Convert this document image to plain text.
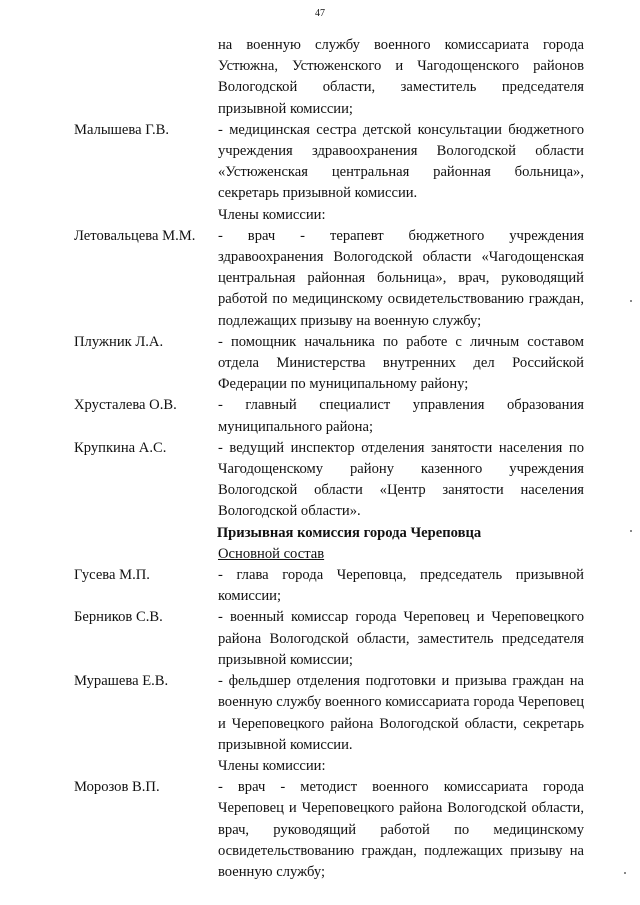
47
на военную службу военного комиссариата города Устюжна, Устюженского и Чагодощенского районов Вологодской области, заместитель председателя призывной комиссии;
Малышева Г.В.	- медицинская сестра детской консультации бюджетного учреждения здравоохранения Вологодской области «Устюженская центральная районная больница», секретарь призывной комиссии.
Члены комиссии:
Летовальцева М.М.	- врач - терапевт бюджетного учреждения здравоохранения Вологодской области «Чагодощенская центральная районная больница», врач, руководящий работой по медицинскому освидетельствованию граждан, подлежащих призыву на военную службу;
Плужник Л.А.	- помощник начальника по работе с личным составом отдела Министерства внутренних дел Российской Федерации по муниципальному району;
Хрусталева О.В.	- главный специалист управления образования муниципального района;
Крупкина А.С.	- ведущий инспектор отделения занятости населения по Чагодощенскому району казенного учреждения Вологодской области «Центр занятости населения Вологодской области».
Призывная комиссия города Череповца
Основной состав
Гусева М.П.	- глава города Череповца, председатель призывной комиссии;
Берников С.В.	- военный комиссар города Череповец и Череповецкого района Вологодской области, заместитель председателя призывной комиссии;
Мурашева Е.В.	- фельдшер отделения подготовки и призыва граждан на военную службу военного комиссариата города Череповец и Череповецкого района Вологодской области, секретарь призывной комиссии.
Члены комиссии:
Морозов В.П.	- врач - методист военного комиссариата города Череповец и Череповецкого района Вологодской области, врач, руководящий работой по медицинскому освидетельствованию граждан, подлежащих призыву на военную службу;
